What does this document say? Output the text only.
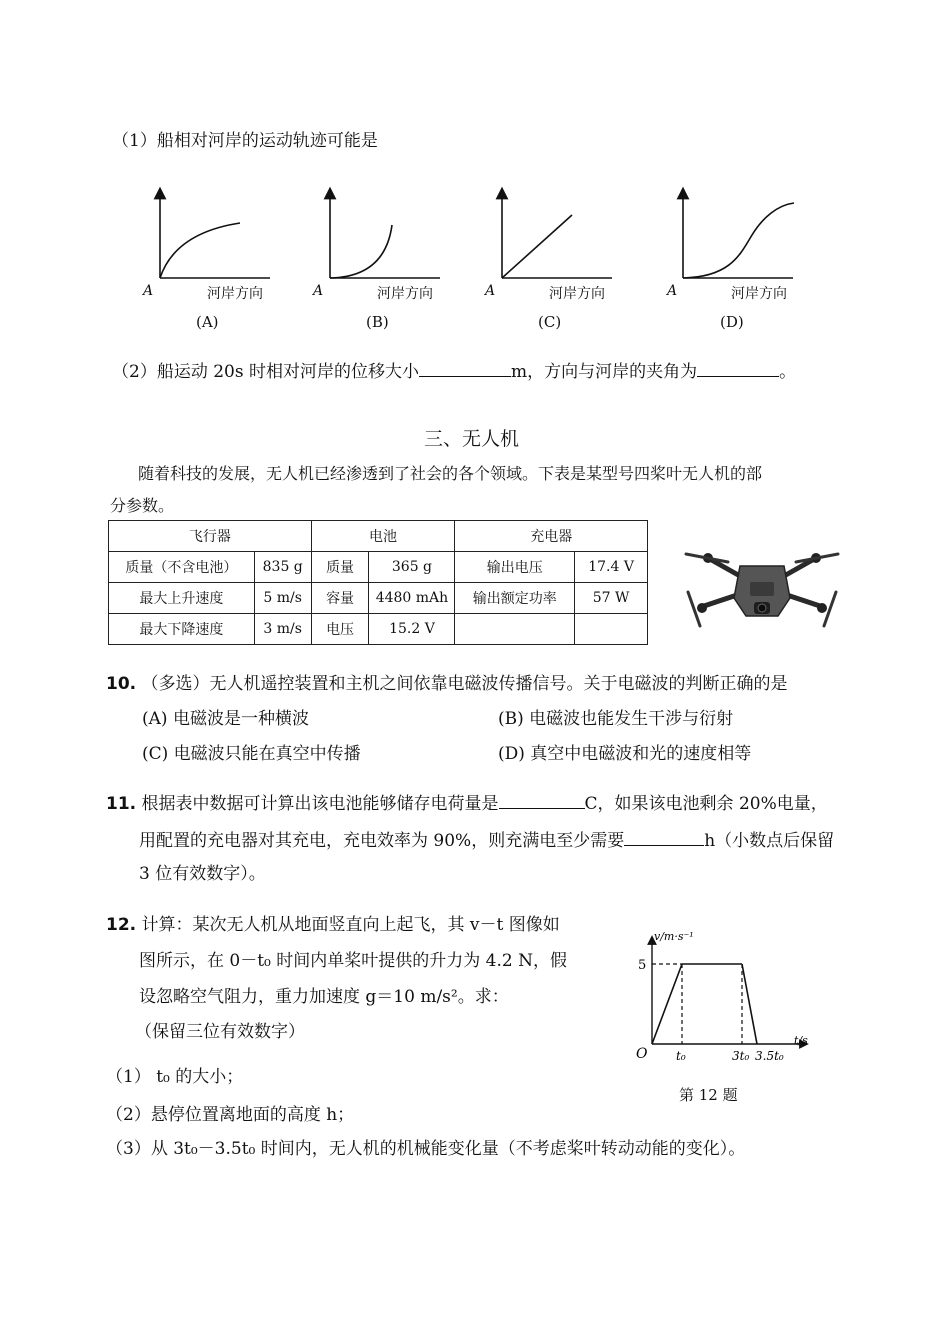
（1）船相对河岸的运动轨迹可能是
A	河岸方向
(A)
A	河岸方向
(B)
A	河岸方向
(C)
A	河岸方向
(D)
（2）船运动 20s 时相对河岸的位移大小	m，方向与河岸的夹角为	。
三、无人机
随着科技的发展，无人机已经渗透到了社会的各个领域。下表是某型号四桨叶无人机的部
分参数。
飞行器		电池		充电器	
质量（不含电池）	835 g	质量	365 g	输出电压	17.4 V
最大上升速度	5 m/s	容量	4480 mAh	输出额定功率	57 W
最大下降速度	3 m/s	电压	15.2 V		
10. （多选）无人机遥控装置和主机之间依靠电磁波传播信号。关于电磁波的判断正确的是
(A) 电磁波是一种横波	(B) 电磁波也能发生干涉与衍射
(C) 电磁波只能在真空中传播	(D) 真空中电磁波和光的速度相等
11. 根据表中数据可计算出该电池能够储存电荷量是	C，如果该电池剩余 20%电量，
用配置的充电器对其充电，充电效率为 90%，则充满电至少需要	h（小数点后保留
3 位有效数字）。
12. 计算：某次无人机从地面竖直向上起飞，其 v－t 图像如
图所示，在 0－t₀ 时间内单桨叶提供的升力为 4.2 N，假
设忽略空气阻力，重力加速度 g＝10 m/s²。求：
（保留三位有效数字）
（1） t₀ 的大小；
（2）悬停位置离地面的高度 h；
（3）从 3t₀－3.5t₀ 时间内，无人机的机械能变化量（不考虑桨叶转动动能的变化）。
v/m·s⁻¹
t/s
O
5
t₀	3t₀ 3.5t₀
第 12 题
